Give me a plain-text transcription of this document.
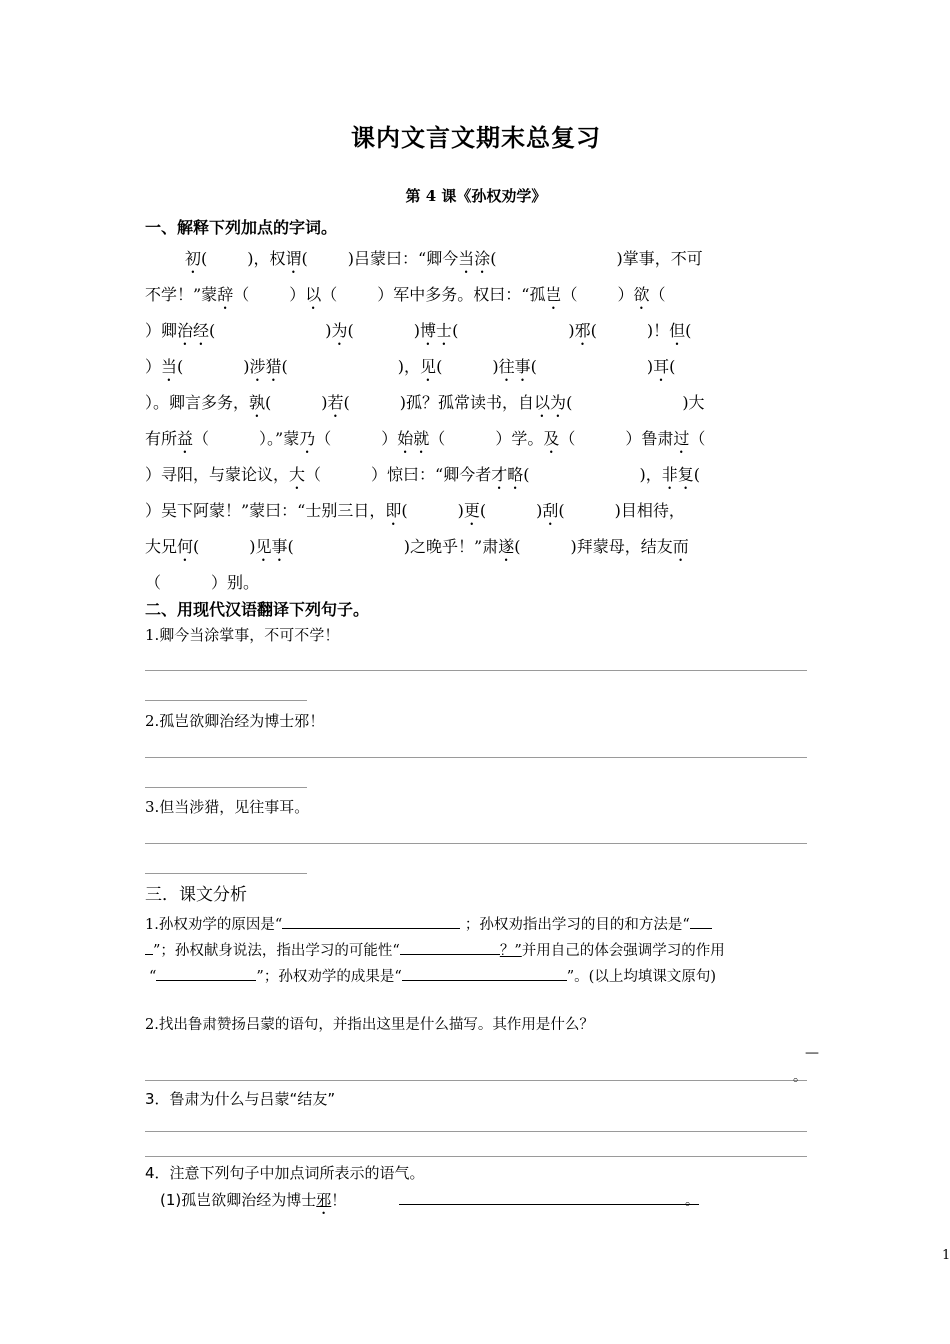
课内文言文期末总复习
第 4 课《孙权劝学》
一、解释下列加点的字词。

初(	)，权谓(	)吕蒙曰：“卿今当涂(	)掌事，不可

不学！”蒙辞（	）以（	）军中多务。权曰：“孤岂（	）欲（

）卿治经(	)为(	)博士(	)邪(	)！但(

）当(	)涉猎(	)，见(	)往事(	)耳(

）。卿言多务，孰(	)若(	)孤？孤常读书，自以为(	)大

有所益（	）。”蒙乃（	）始就（	）学。及（	）鲁肃过（

）寻阳，与蒙论议，大（	）惊曰：“卿今者才略(	)，非复(

）吴下阿蒙！”蒙曰：“士别三日，即(	)更(	)刮(	)目相待，

大兄何(	)见事(	)之晚乎！”肃遂(	)拜蒙母，结友而

（	）别。

二、用现代汉语翻译下列句子。
1.卿今当涂掌事，不可不学！
2.孤岂欲卿治经为博士邪！
3.但当涉猎，见往事耳。
三．课文分析
1.孙权劝学的原因是“	；孙权劝指出学习的目的和方法是“
”；孙权献身说法，指出学习的可能性“	？”并用自己的体会强调学习的作用
“	”；孙权劝学的成果是“	”。(以上均填课文原句)
2.找出鲁肃赞扬吕蒙的语句，并指出这里是什么描写。其作用是什么？
—
。
3．鲁肃为什么与吕蒙“结友”
4．注意下列句子中加点词所表示的语气。
(1)孤岂欲卿治经为博士邪！	。
1
